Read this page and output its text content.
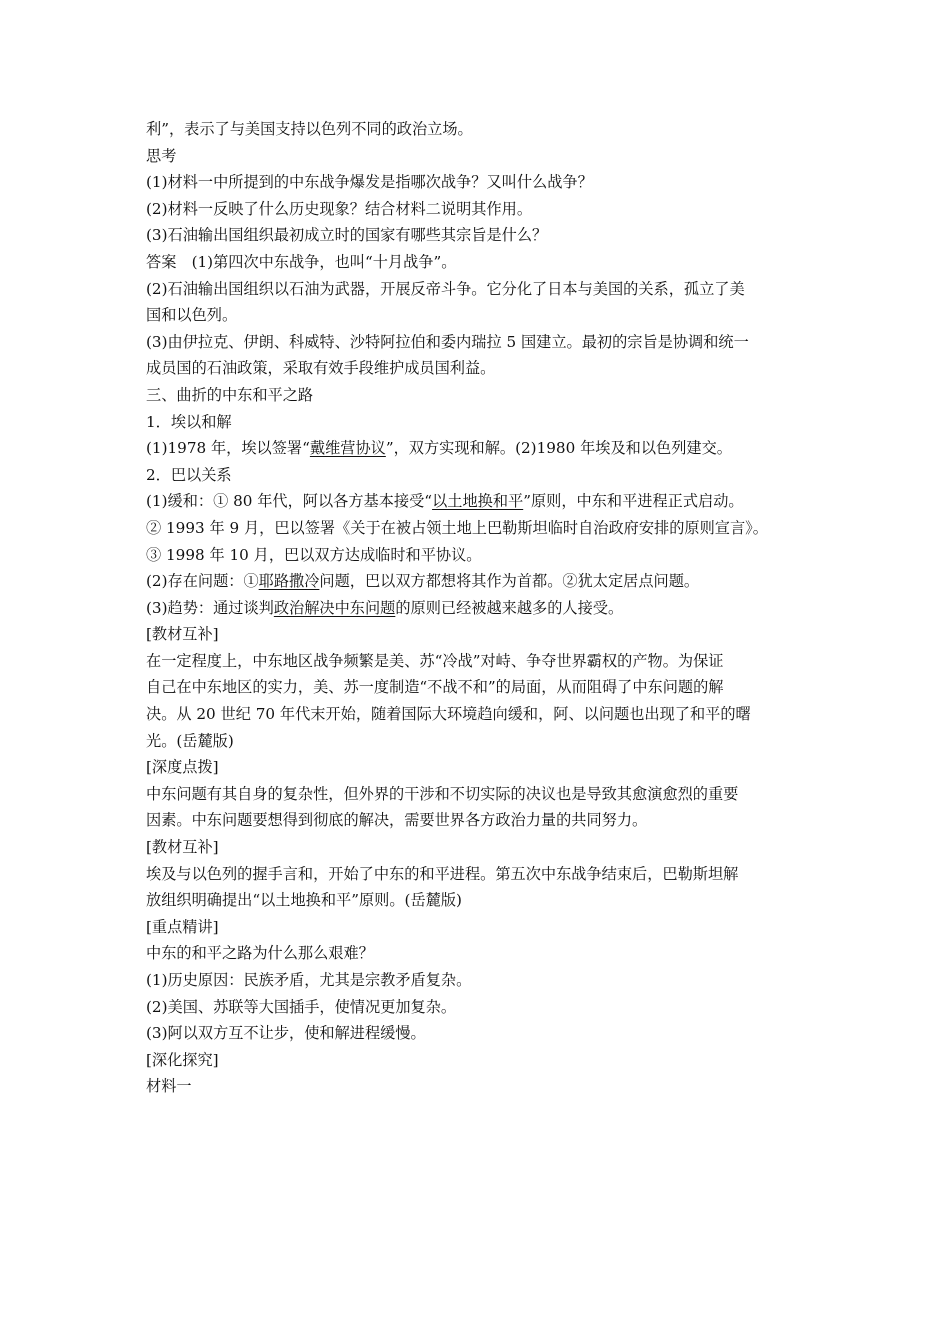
利”，表示了与美国支持以色列不同的政治立场。

思考

(1)材料一中所提到的中东战争爆发是指哪次战争？又叫什么战争？

(2)材料一反映了什么历史现象？结合材料二说明其作用。

(3)石油输出国组织最初成立时的国家有哪些其宗旨是什么？

答案　(1)第四次中东战争，也叫“十月战争”。

(2)石油输出国组织以石油为武器，开展反帝斗争。它分化了日本与美国的关系，孤立了美

国和以色列。

(3)由伊拉克、伊朗、科威特、沙特阿拉伯和委内瑞拉 5 国建立。最初的宗旨是协调和统一

成员国的石油政策，采取有效手段维护成员国利益。

三、曲折的中东和平之路

1．埃以和解

(1)1978 年，埃以签署“戴维营协议”，双方实现和解。(2)1980 年埃及和以色列建交。

2．巴以关系

(1)缓和：① 80 年代，阿以各方基本接受“以土地换和平”原则，中东和平进程正式启动。

② 1993 年 9 月，巴以签署《关于在被占领土地上巴勒斯坦临时自治政府安排的原则宣言》。

③ 1998 年 10 月，巴以双方达成临时和平协议。

(2)存在问题：①耶路撒冷问题，巴以双方都想将其作为首都。②犹太定居点问题。

(3)趋势：通过谈判政治解决中东问题的原则已经被越来越多的人接受。

[教材互补]

在一定程度上，中东地区战争频繁是美、苏“冷战”对峙、争夺世界霸权的产物。为保证

自己在中东地区的实力，美、苏一度制造“不战不和”的局面，从而阻碍了中东问题的解

决。从 20 世纪 70 年代末开始，随着国际大环境趋向缓和，阿、以问题也出现了和平的曙

光。(岳麓版)

[深度点拨]

中东问题有其自身的复杂性，但外界的干涉和不切实际的决议也是导致其愈演愈烈的重要

因素。中东问题要想得到彻底的解决，需要世界各方政治力量的共同努力。

[教材互补]

埃及与以色列的握手言和，开始了中东的和平进程。第五次中东战争结束后，巴勒斯坦解

放组织明确提出“以土地换和平”原则。(岳麓版)

[重点精讲]

中东的和平之路为什么那么艰难？

(1)历史原因：民族矛盾，尤其是宗教矛盾复杂。

(2)美国、苏联等大国插手，使情况更加复杂。

(3)阿以双方互不让步，使和解进程缓慢。

[深化探究]

材料一
